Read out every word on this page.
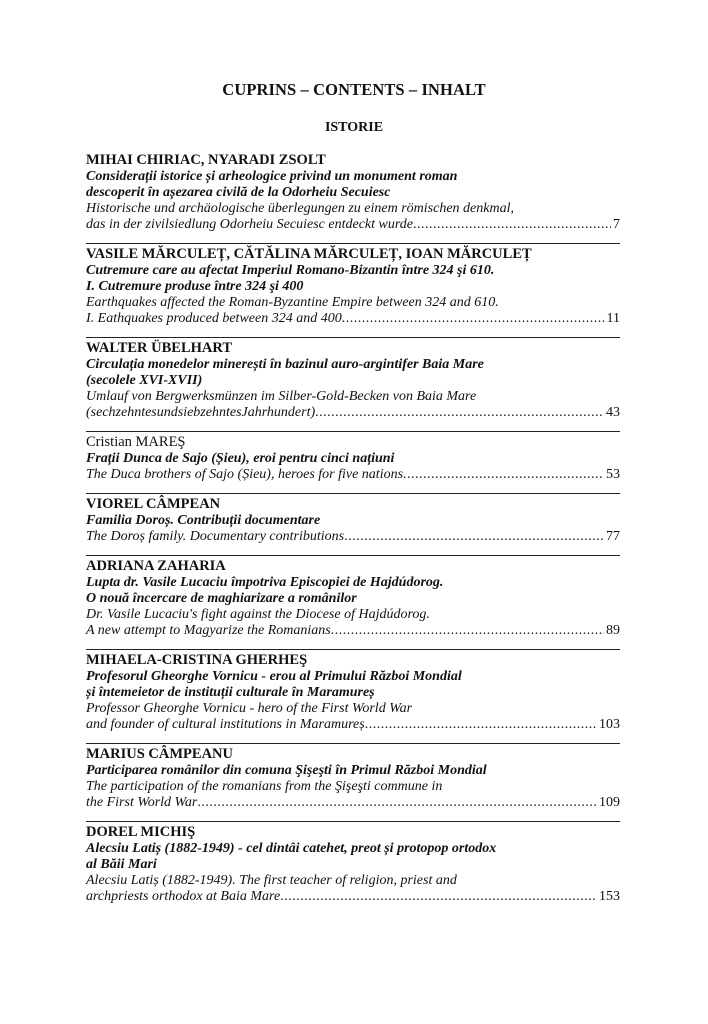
CUPRINS – CONTENTS – INHALT
ISTORIE
MIHAI CHIRIAC, NYARADI ZSOLT
Considerații istorice și arheologice privind un monument roman
descoperit în așezarea civilă de la Odorheiu Secuiesc
Historische und archäologische überlegungen zu einem römischen denkmal,
das in der zivilsiedlung Odorheiu Secuiesc entdeckt wurde .....	7
VASILE MĂRCULEȚ, CĂTĂLINA MĂRCULEȚ, IOAN MĂRCULEȚ
Cutremure care au afectat Imperiul Romano-Bizantin între 324 şi 610.
I. Cutremure produse între 324 şi 400
Earthquakes affected the Roman-Byzantine Empire between 324 and 610.
I. Eathquakes produced between 324 and 400 .....	11
WALTER ÜBELHART
Circulația monedelor minerești în bazinul auro-argintifer Baia Mare
(secolele XVI-XVII)
Umlauf von Bergwerksmünzen im Silber-Gold-Becken von Baia Mare
(sechzehntesundsiebzehntesJahrhundert) .....	43
Cristian MAREŞ
Frații Dunca de Sajo (Șieu), eroi pentru cinci națiuni
The Duca brothers of Sajo (Șieu), heroes for five nations .....	53
VIOREL CÂMPEAN
Familia Doroș. Contribuții documentare
The Doroș family. Documentary contributions .....	77
ADRIANA ZAHARIA
Lupta dr. Vasile Lucaciu împotriva Episcopiei de Hajdúdorog.
O nouă încercare de maghiarizare a românilor
Dr. Vasile Lucaciu's fight against the Diocese of Hajdúdorog.
A new attempt to Magyarize the Romanians .....	89
MIHAELA-CRISTINA GHERHEŞ
Profesorul Gheorghe Vornicu - erou al Primului Război Mondial
și întemeietor de instituții culturale în Maramureș
Professor Gheorghe Vornicu - hero of the First World War
and founder of cultural institutions in Maramureș .....	103
MARIUS CÂMPEANU
Participarea românilor din comuna Şişeşti în Primul Război Mondial
The participation of the romanians from the Şişeşti commune in
the First World War .....	109
DOREL MICHIŞ
Alecsiu Latiș (1882-1949) - cel dintâi catehet, preot și protopop ortodox
al Băii Mari
Alecsiu Latiș (1882-1949). The first teacher of religion, priest and
archpriests orthodox at Baia Mare .....	153
